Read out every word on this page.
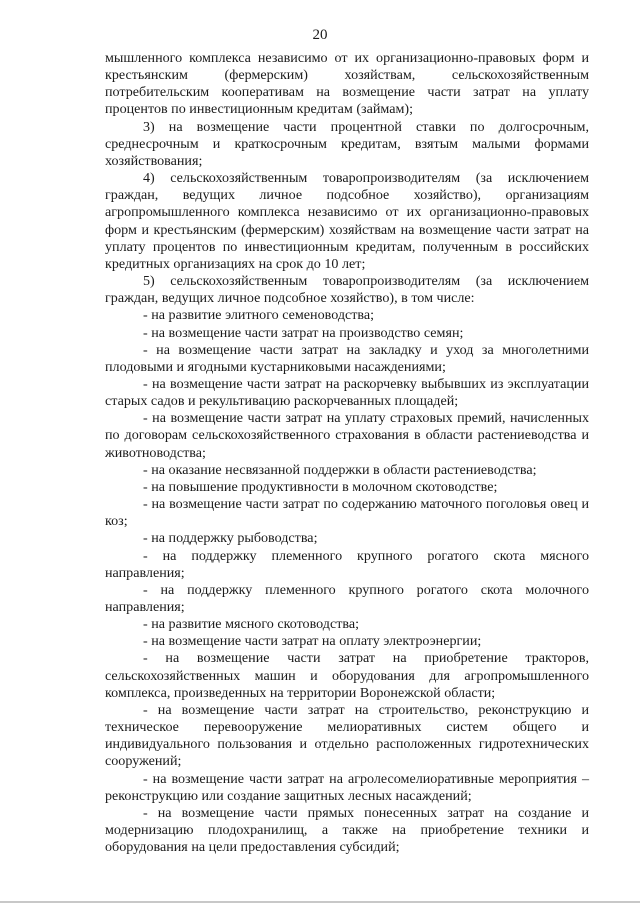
20

мышленного комплекса независимо от их организационно-правовых форм и крестьянским (фермерским) хозяйствам, сельскохозяйственным потребительским кооперативам на возмещение части затрат на уплату процентов по инвестиционным кредитам (займам);

3) на возмещение части процентной ставки по долгосрочным, среднесрочным и краткосрочным кредитам, взятым малыми формами хозяйствования;

4) сельскохозяйственным товаропроизводителям (за исключением граждан, ведущих личное подсобное хозяйство), организациям агропромышленного комплекса независимо от их организационно-правовых форм и крестьянским (фермерским) хозяйствам на возмещение части затрат на уплату процентов по инвестиционным кредитам, полученным в российских кредитных организациях на срок до 10 лет;

5) сельскохозяйственным товаропроизводителям (за исключением граждан, ведущих личное подсобное хозяйство), в том числе:

- на развитие элитного семеноводства;

- на возмещение части затрат на производство семян;

- на возмещение части затрат на закладку и уход за многолетними плодовыми и ягодными кустарниковыми насаждениями;

- на возмещение части затрат на раскорчевку выбывших из эксплуатации старых садов и рекультивацию раскорчеванных площадей;

- на возмещение части затрат на уплату страховых премий, начисленных по договорам сельскохозяйственного страхования в области растениеводства и животноводства;

- на оказание несвязанной поддержки в области растениеводства;

- на повышение продуктивности в молочном скотоводстве;

- на возмещение части затрат по содержанию маточного поголовья овец и коз;

- на поддержку рыбоводства;

- на поддержку племенного крупного рогатого скота мясного направления;

- на поддержку племенного крупного рогатого скота молочного направления;

- на развитие мясного скотоводства;

- на возмещение части затрат на оплату электроэнергии;

- на возмещение части затрат на приобретение тракторов, сельскохозяйственных машин и оборудования для агропромышленного комплекса, произведенных на территории Воронежской области;

- на возмещение части затрат на строительство, реконструкцию и техническое перевооружение мелиоративных систем общего и индивидуального пользования и отдельно расположенных гидротехнических сооружений;

- на возмещение части затрат на агролесомелиоративные мероприятия – реконструкцию или создание защитных лесных насаждений;

- на возмещение части прямых понесенных затрат на создание и модернизацию плодохранилищ, а также на приобретение техники и оборудования на цели предоставления субсидий;
